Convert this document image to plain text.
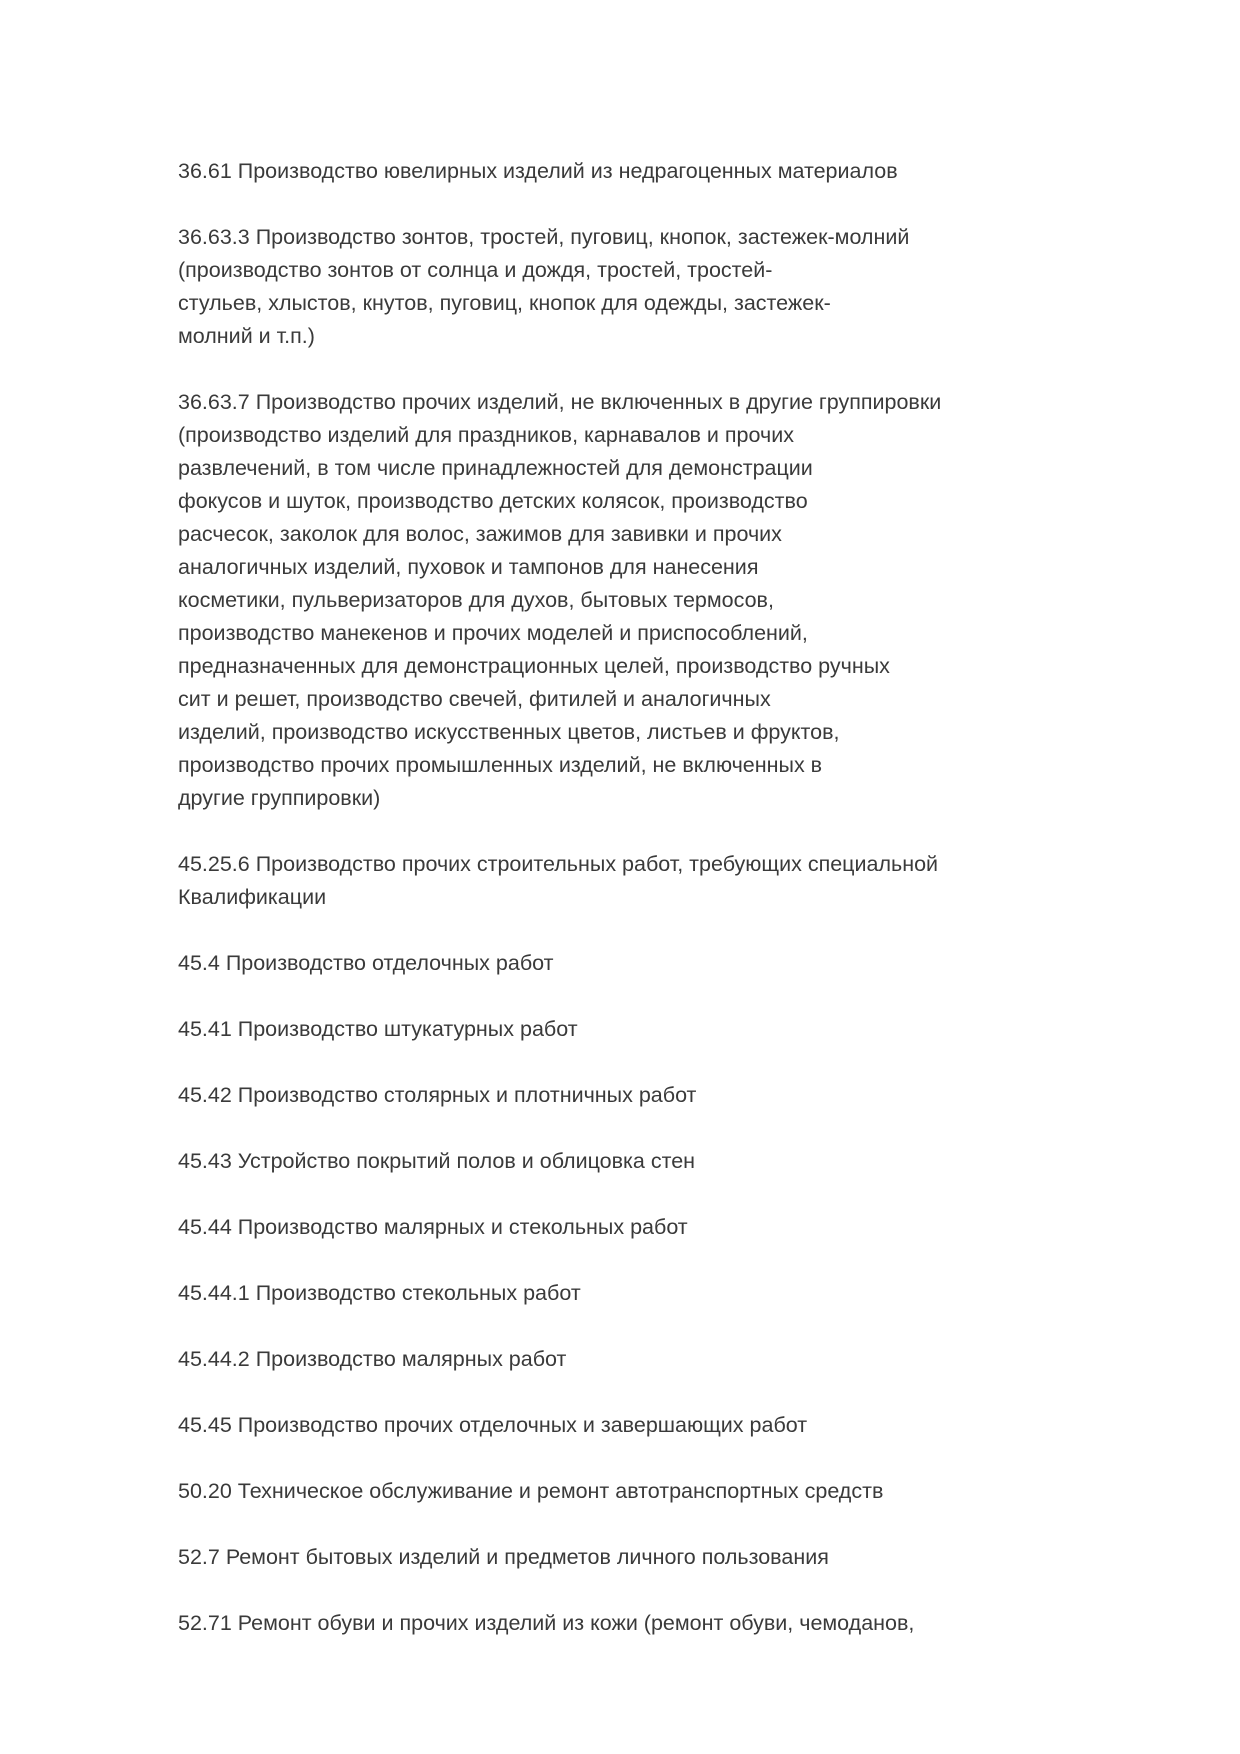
36.61 Производство ювелирных изделий из недрагоценных материалов
36.63.3 Производство зонтов, тростей, пуговиц, кнопок, застежек-молний
(производство зонтов от солнца и дождя, тростей, тростей-
стульев, хлыстов, кнутов, пуговиц, кнопок для одежды, застежек-
молний и т.п.)
36.63.7 Производство прочих изделий, не включенных в другие группировки
(производство изделий для праздников, карнавалов и прочих
развлечений, в том числе принадлежностей для демонстрации
фокусов и шуток, производство детских колясок, производство
расчесок, заколок для волос, зажимов для завивки и прочих
аналогичных изделий, пуховок и тампонов для нанесения
косметики, пульверизаторов для духов, бытовых термосов,
производство манекенов и прочих моделей и приспособлений,
предназначенных для демонстрационных целей, производство ручных
сит и решет, производство свечей, фитилей и аналогичных
изделий, производство искусственных цветов, листьев и фруктов,
производство прочих промышленных изделий, не включенных в
другие группировки)
45.25.6 Производство прочих строительных работ, требующих специальной
Квалификации
45.4 Производство отделочных работ
45.41 Производство штукатурных работ
45.42 Производство столярных и плотничных работ
45.43 Устройство покрытий полов и облицовка стен
45.44 Производство малярных и стекольных работ
45.44.1 Производство стекольных работ
45.44.2 Производство малярных работ
45.45 Производство прочих отделочных и завершающих работ
50.20 Техническое обслуживание и ремонт автотранспортных средств
52.7 Ремонт бытовых изделий и предметов личного пользования
52.71 Ремонт обуви и прочих изделий из кожи (ремонт обуви, чемоданов,
